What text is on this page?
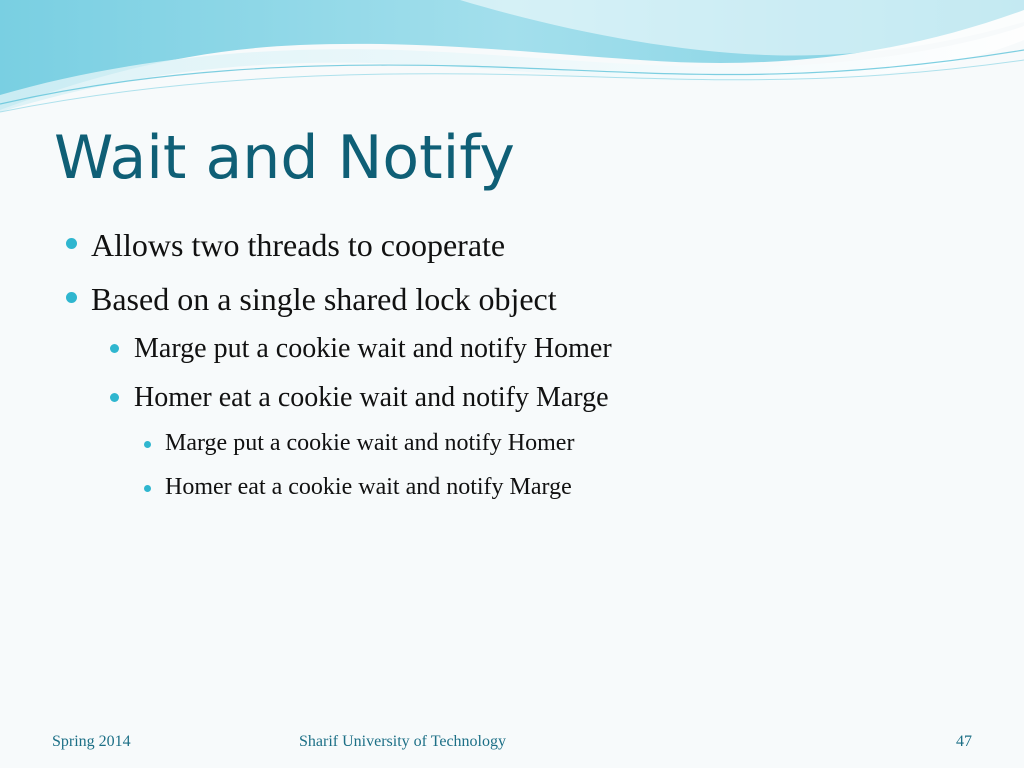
Wait and Notify
Allows two threads to cooperate
Based on a single shared lock object
Marge put a cookie wait and notify Homer
Homer eat a cookie wait and notify Marge
Marge put a cookie wait and notify Homer
Homer eat a cookie wait and notify Marge
Spring 2014	Sharif University of Technology	47
